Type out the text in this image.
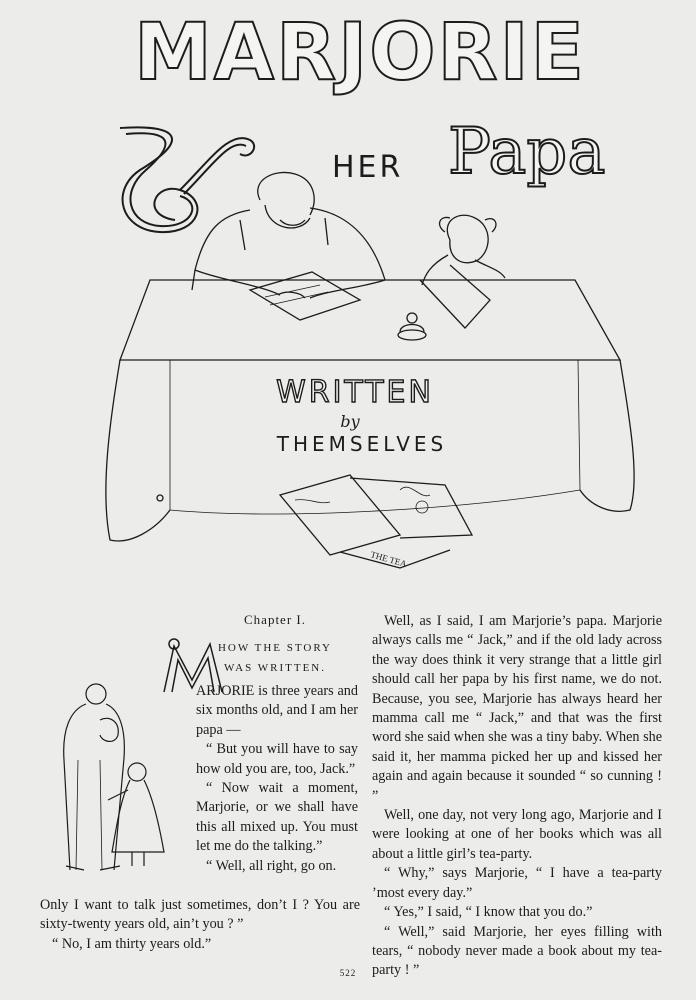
MARJORIE
HER Papa
THE TEA
WRITTEN
by
THEMSELVES
Chapter I.
HOW THE STORY
WAS WRITTEN.

ARJORIE is three years and six months old, and I am her papa —

“ But you will have to say how old you are, too, Jack.”

“ Now wait a moment, Marjorie, or we shall have this all mixed up. You must let me do the talking.”

“ Well, all right, go on.

Only I want to talk just sometimes, don’t I ? You are sixty-twenty years old, ain’t you ? ”

“ No, I am thirty years old.”

Well, as I said, I am Marjorie’s papa. Marjorie always calls me “ Jack,” and if the old lady across the way does think it very strange that a little girl should call her papa by his first name, we do not. Because, you see, Marjorie has always heard her mamma call me “ Jack,” and that was the first word she said when she was a tiny baby. When she said it, her mamma picked her up and kissed her again and again because it sounded “ so cunning ! ”

Well, one day, not very long ago, Marjorie and I were looking at one of her books which was all about a little girl’s tea-party.

“ Why,” says Marjorie, “ I have a tea-party ’most every day.”

“ Yes,” I said, “ I know that you do.”

“ Well,” said Marjorie, her eyes filling with tears, “ nobody never made a book about my tea-party ! ”

522
